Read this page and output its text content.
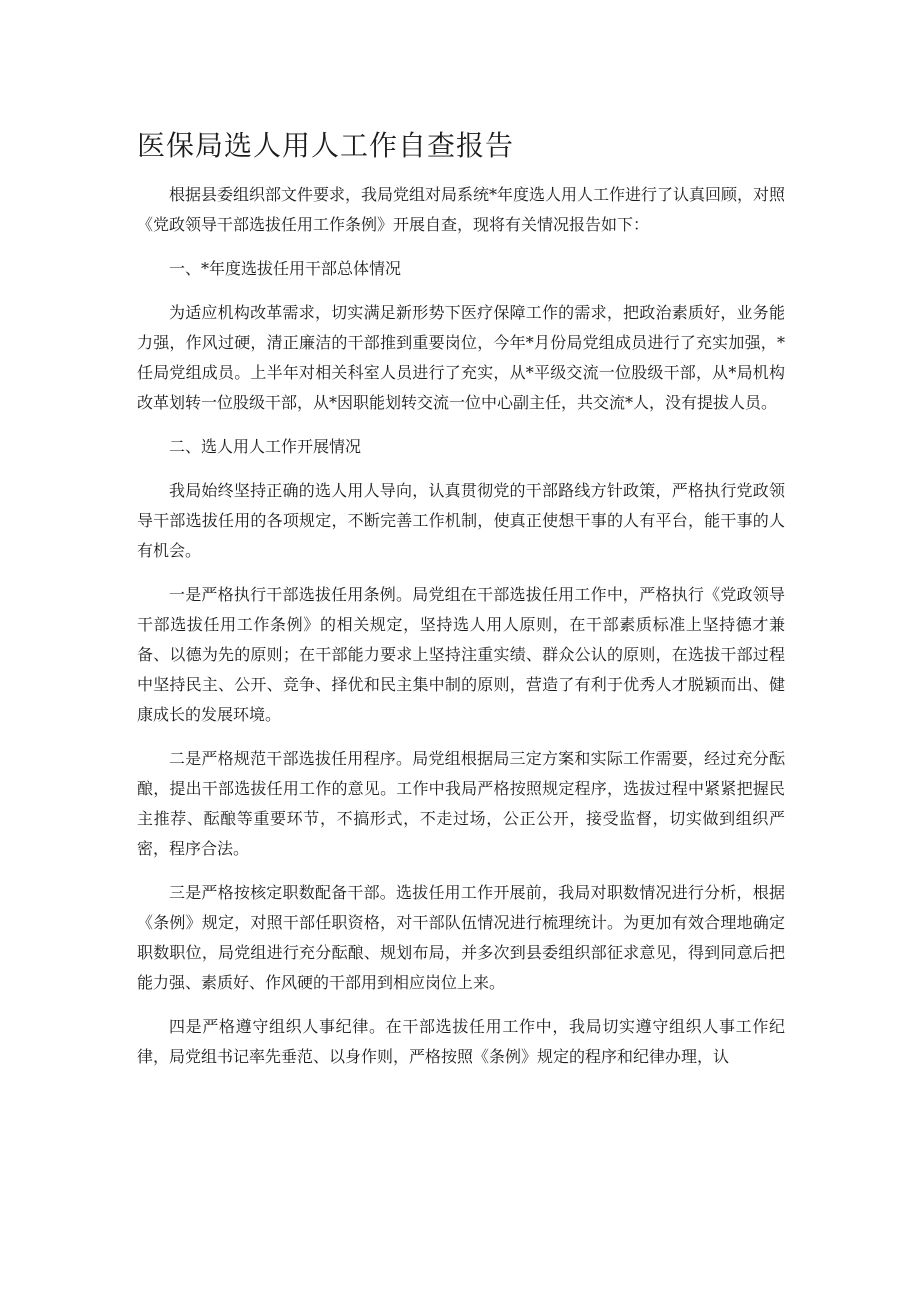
医保局选人用人工作自查报告

根据县委组织部文件要求，我局党组对局系统*年度选人用人工作进行了认真回顾，对照《党政领导干部选拔任用工作条例》开展自查，现将有关情况报告如下：

一、*年度选拔任用干部总体情况

为适应机构改革需求，切实满足新形势下医疗保障工作的需求，把政治素质好，业务能力强，作风过硬，清正廉洁的干部推到重要岗位，今年*月份局党组成员进行了充实加强，*任局党组成员。上半年对相关科室人员进行了充实，从*平级交流一位股级干部，从*局机构改革划转一位股级干部，从*因职能划转交流一位中心副主任，共交流*人，没有提拔人员。

二、选人用人工作开展情况

我局始终坚持正确的选人用人导向，认真贯彻党的干部路线方针政策，严格执行党政领导干部选拔任用的各项规定，不断完善工作机制，使真正使想干事的人有平台，能干事的人有机会。

一是严格执行干部选拔任用条例。局党组在干部选拔任用工作中，严格执行《党政领导干部选拔任用工作条例》的相关规定，坚持选人用人原则，在干部素质标准上坚持德才兼备、以德为先的原则；在干部能力要求上坚持注重实绩、群众公认的原则，在选拔干部过程中坚持民主、公开、竞争、择优和民主集中制的原则，营造了有利于优秀人才脱颖而出、健康成长的发展环境。

二是严格规范干部选拔任用程序。局党组根据局三定方案和实际工作需要，经过充分酝酿，提出干部选拔任用工作的意见。工作中我局严格按照规定程序，选拔过程中紧紧把握民主推荐、酝酿等重要环节，不搞形式，不走过场，公正公开，接受监督，切实做到组织严密，程序合法。

三是严格按核定职数配备干部。选拔任用工作开展前，我局对职数情况进行分析，根据《条例》规定，对照干部任职资格，对干部队伍情况进行梳理统计。为更加有效合理地确定职数职位，局党组进行充分酝酿、规划布局，并多次到县委组织部征求意见，得到同意后把能力强、素质好、作风硬的干部用到相应岗位上来。

四是严格遵守组织人事纪律。在干部选拔任用工作中，我局切实遵守组织人事工作纪律，局党组书记率先垂范、以身作则，严格按照《条例》规定的程序和纪律办理，认
